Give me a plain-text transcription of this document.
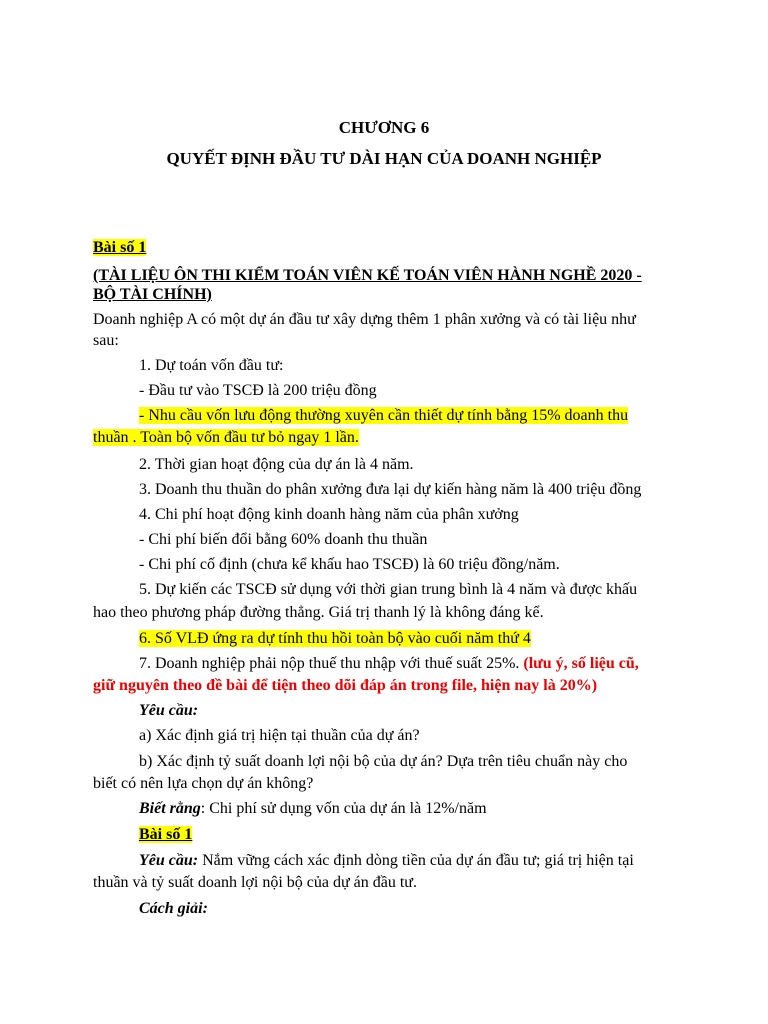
CHƯƠNG 6
QUYẾT ĐỊNH ĐẦU TƯ DÀI HẠN CỦA DOANH NGHIỆP
Bài số 1
(TÀI LIỆU ÔN THI KIỂM TOÁN VIÊN KẾ TOÁN VIÊN HÀNH NGHỀ 2020 -
BỘ TÀI CHÍNH)
Doanh nghiệp A có một dự án đầu tư xây dựng thêm 1 phân xưởng và có tài liệu như
sau:
1. Dự toán vốn đầu tư:
- Đầu tư vào TSCĐ là 200 triệu đồng
- Nhu cầu vốn lưu động thường xuyên cần thiết dự tính bằng 15% doanh thu
thuần . Toàn bộ vốn đầu tư bỏ ngay 1 lần.
2. Thời gian hoạt động của dự án là 4 năm.
3. Doanh thu thuần do phân xưởng đưa lại dự kiến hàng năm là 400 triệu đồng
4. Chi phí hoạt động kinh doanh hàng năm của phân xưởng
- Chi phí biến đổi bằng 60% doanh thu thuần
- Chi phí cố định (chưa kể khấu hao TSCĐ) là 60 triệu đồng/năm.
5. Dự kiến các TSCĐ sử dụng với thời gian trung bình là 4 năm và được khấu
hao theo phương pháp đường thẳng. Giá trị thanh lý là không đáng kể.
6. Số VLĐ ứng ra dự tính thu hồi toàn bộ vào cuối năm thứ 4
7. Doanh nghiệp phải nộp thuế thu nhập với thuế suất 25%. (lưu ý, số liệu cũ,
giữ nguyên theo đề bài để tiện theo dõi đáp án trong file, hiện nay là 20%)
Yêu cầu:
a) Xác định giá trị hiện tại thuần của dự án?
b) Xác định tỷ suất doanh lợi nội bộ của dự án? Dựa trên tiêu chuẩn này cho
biết có nên lựa chọn dự án không?
Biết rằng: Chi phí sử dụng vốn của dự án là 12%/năm
Bài số 1
Yêu cầu: Nắm vững cách xác định dòng tiền của dự án đầu tư; giá trị hiện tại
thuần và tỷ suất doanh lợi nội bộ của dự án đầu tư.
Cách giải:
